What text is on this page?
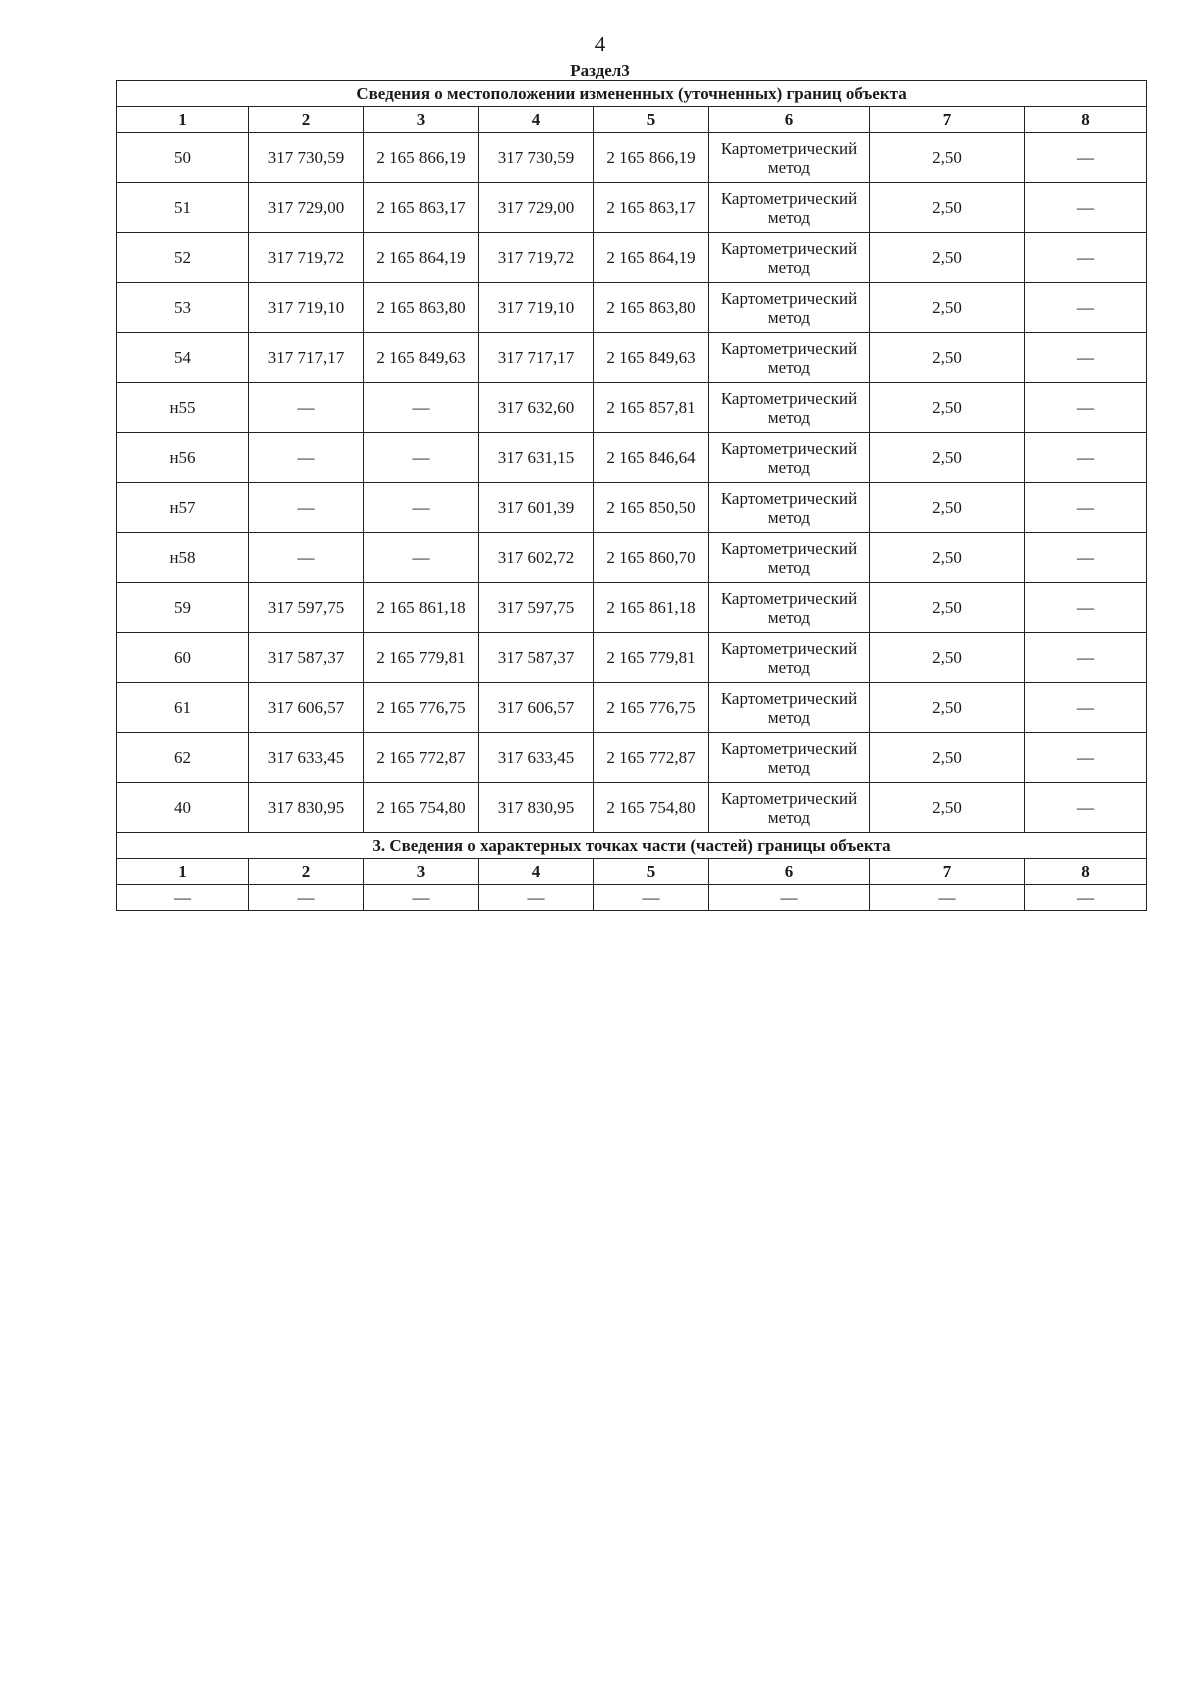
4
Раздел3
Сведения о местоположении измененных (уточненных) границ объекта							
1	2	3	4	5	6	7	8
50	317 730,59	2 165 866,19	317 730,59	2 165 866,19	Картометрический метод	2,50	—
51	317 729,00	2 165 863,17	317 729,00	2 165 863,17	Картометрический метод	2,50	—
52	317 719,72	2 165 864,19	317 719,72	2 165 864,19	Картометрический метод	2,50	—
53	317 719,10	2 165 863,80	317 719,10	2 165 863,80	Картометрический метод	2,50	—
54	317 717,17	2 165 849,63	317 717,17	2 165 849,63	Картометрический метод	2,50	—
н55	—	—	317 632,60	2 165 857,81	Картометрический метод	2,50	—
н56	—	—	317 631,15	2 165 846,64	Картометрический метод	2,50	—
н57	—	—	317 601,39	2 165 850,50	Картометрический метод	2,50	—
н58	—	—	317 602,72	2 165 860,70	Картометрический метод	2,50	—
59	317 597,75	2 165 861,18	317 597,75	2 165 861,18	Картометрический метод	2,50	—
60	317 587,37	2 165 779,81	317 587,37	2 165 779,81	Картометрический метод	2,50	—
61	317 606,57	2 165 776,75	317 606,57	2 165 776,75	Картометрический метод	2,50	—
62	317 633,45	2 165 772,87	317 633,45	2 165 772,87	Картометрический метод	2,50	—
40	317 830,95	2 165 754,80	317 830,95	2 165 754,80	Картометрический метод	2,50	—
3. Сведения о характерных точках части (частей) границы объекта							
1	2	3	4	5	6	7	8
—	—	—	—	—	—	—	—
